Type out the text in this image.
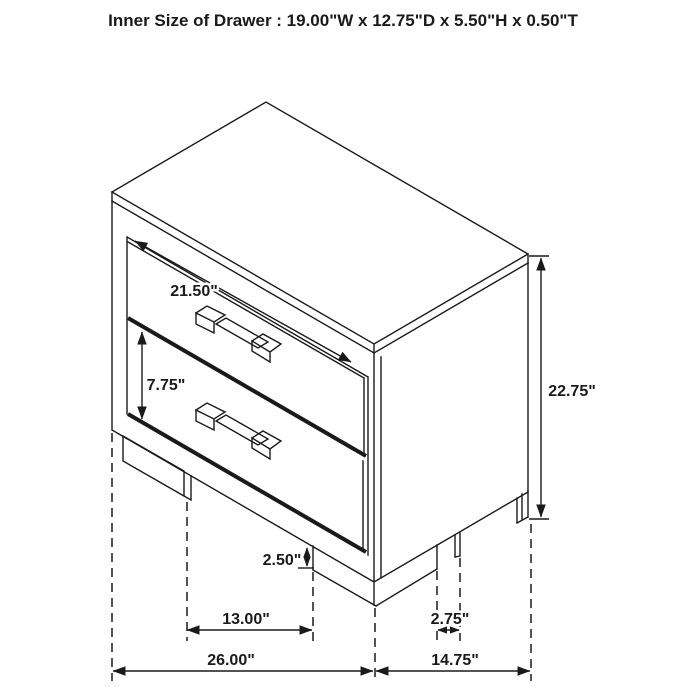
Inner Size of Drawer : 19.00"W x 12.75"D x 5.50"H x 0.50"T
21.50"
7.75"	22.75"
2.50"
13.00"	2.75"
26.00"	14.75"
